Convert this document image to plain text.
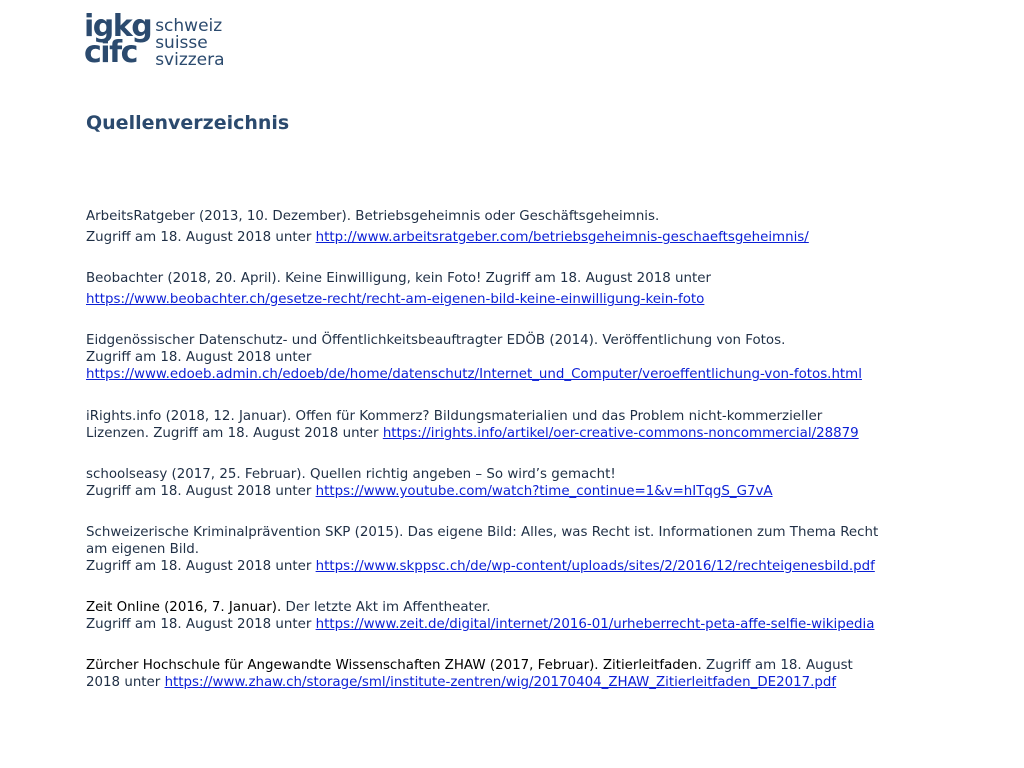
igkg
cifc
schweiz
suisse
svizzera
Quellenverzeichnis

ArbeitsRatgeber (2013, 10. Dezember). Betriebsgeheimnis oder Geschäftsgeheimnis.

Zugriff am 18. August 2018 unter http://www.arbeitsratgeber.com/betriebsgeheimnis-geschaeftsgeheimnis/

Beobachter (2018, 20. April). Keine Einwilligung, kein Foto! Zugriff am 18. August 2018 unter

https://www.beobachter.ch/gesetze-recht/recht-am-eigenen-bild-keine-einwilligung-kein-foto

Eidgenössischer Datenschutz- und Öffentlichkeitsbeauftragter EDÖB (2014). Veröffentlichung von Fotos.

Zugriff am 18. August 2018 unter

https://www.edoeb.admin.ch/edoeb/de/home/datenschutz/Internet_und_Computer/veroeffentlichung-von-fotos.html

iRights.info (2018, 12. Januar). Offen für Kommerz? Bildungsmaterialien und das Problem nicht-kommerzieller

Lizenzen. Zugriff am 18. August 2018 unter https://irights.info/artikel/oer-creative-commons-noncommercial/28879

schoolseasy (2017, 25. Februar). Quellen richtig angeben – So wird’s gemacht!

Zugriff am 18. August 2018 unter https://www.youtube.com/watch?time_continue=1&v=hITqgS_G7vA

Schweizerische Kriminalprävention SKP (2015). Das eigene Bild: Alles, was Recht ist. Informationen zum Thema Recht

am eigenen Bild.

Zugriff am 18. August 2018 unter https://www.skppsc.ch/de/wp-content/uploads/sites/2/2016/12/rechteigenesbild.pdf

Zeit Online (2016, 7. Januar). Der letzte Akt im Affentheater.

Zugriff am 18. August 2018 unter https://www.zeit.de/digital/internet/2016-01/urheberrecht-peta-affe-selfie-wikipedia

Zürcher Hochschule für Angewandte Wissenschaften ZHAW (2017, Februar). Zitierleitfaden. Zugriff am 18. August

2018 unter https://www.zhaw.ch/storage/sml/institute-zentren/wig/20170404_ZHAW_Zitierleitfaden_DE2017.pdf
